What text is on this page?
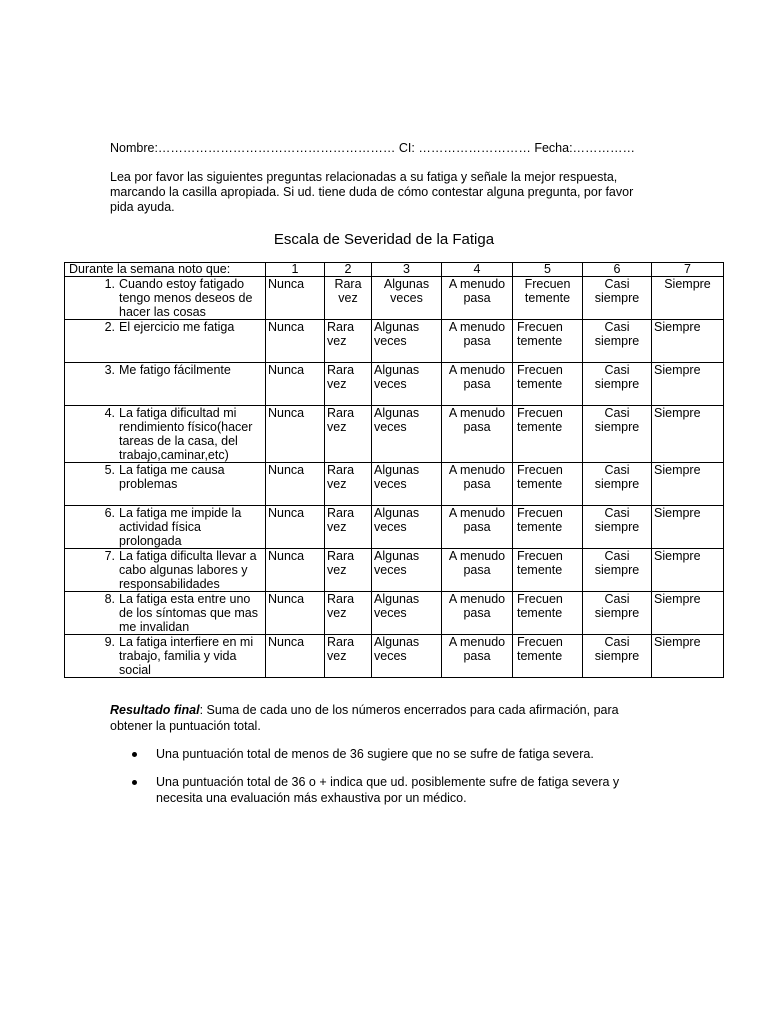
Nombre:………………………………………………… CI: ……………………… Fecha:……………
Lea por favor las siguientes preguntas relacionadas a su fatiga y señale la mejor respuesta, marcando la casilla apropiada. Si ud. tiene duda de cómo contestar alguna pregunta, por favor pida ayuda.
Escala de Severidad de la Fatiga
Durante la semana noto que:	1	2	3	4	5	6	7

1. Cuando estoy fatigado tengo menos deseos de hacer las cosas	Nunca	Rara vez	Algunas veces	A menudo pasa	Frecuen temente	Casi siempre	Siempre

2. El ejercicio me fatiga	Nunca	Rara vez	Algunas veces	A menudo pasa	Frecuen temente	Casi siempre	Siempre

3. Me fatigo fácilmente	Nunca	Rara vez	Algunas veces	A menudo pasa	Frecuen temente	Casi siempre	Siempre

4. La fatiga dificultad mi rendimiento físico(hacer tareas de la casa, del trabajo,caminar,etc)	Nunca	Rara vez	Algunas veces	A menudo pasa	Frecuen temente	Casi siempre	Siempre

5. La fatiga me causa problemas	Nunca	Rara vez	Algunas veces	A menudo pasa	Frecuen temente	Casi siempre	Siempre

6. La fatiga me impide la actividad física prolongada	Nunca	Rara vez	Algunas veces	A menudo pasa	Frecuen temente	Casi siempre	Siempre

7. La fatiga dificulta llevar a cabo algunas labores y responsabilidades	Nunca	Rara vez	Algunas veces	A menudo pasa	Frecuen temente	Casi siempre	Siempre

8. La fatiga esta entre uno de los síntomas que mas me invalidan	Nunca	Rara vez	Algunas veces	A menudo pasa	Frecuen temente	Casi siempre	Siempre

9. La fatiga interfiere en mi trabajo, familia y vida social	Nunca	Rara vez	Algunas veces	A menudo pasa	Frecuen temente	Casi siempre	Siempre
Resultado final: Suma de cada uno de los números encerrados para cada afirmación, para obtener la puntuación total.
Una puntuación total de menos de 36 sugiere que no se sufre de fatiga severa.
Una puntuación total de 36 o + indica que ud. posiblemente sufre de fatiga severa y necesita una evaluación más exhaustiva por un médico.
